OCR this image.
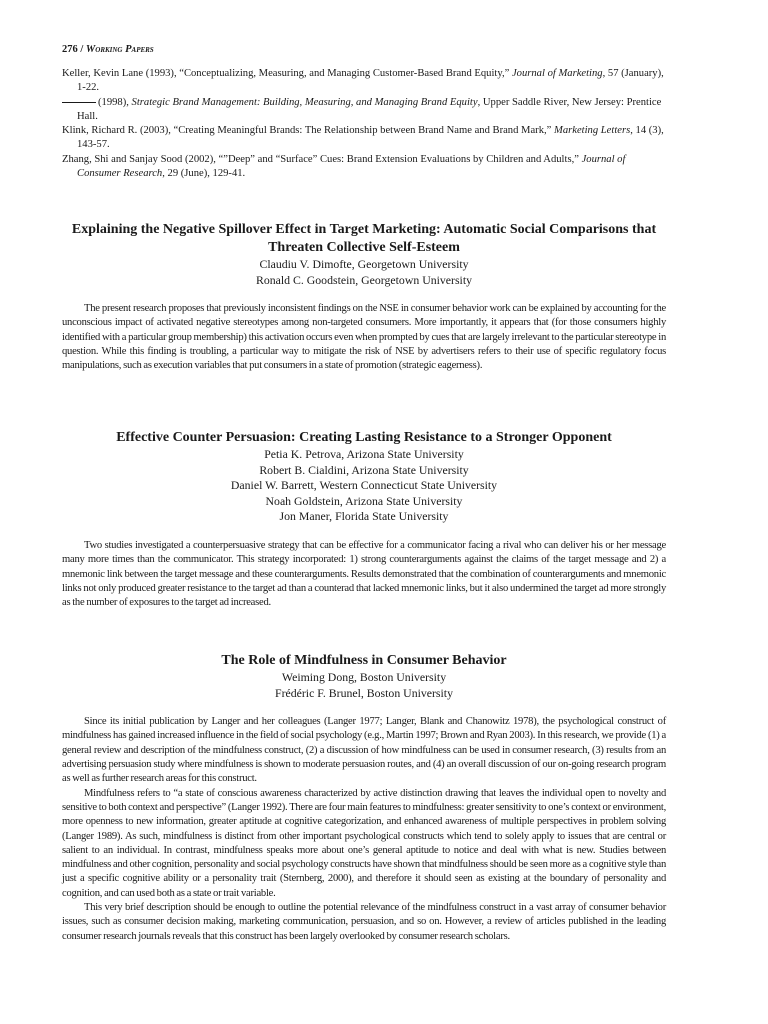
276 / Working Papers

Keller, Kevin Lane (1993), “Conceptualizing, Measuring, and Managing Customer-Based Brand Equity,” Journal of Marketing, 57 (January), 1-22.

(1998), Strategic Brand Management: Building, Measuring, and Managing Brand Equity, Upper Saddle River, New Jersey: Prentice Hall.

Klink, Richard R. (2003), “Creating Meaningful Brands: The Relationship between Brand Name and Brand Mark,” Marketing Letters, 14 (3), 143-57.

Zhang, Shi and Sanjay Sood (2002), “”Deep” and “Surface” Cues: Brand Extension Evaluations by Children and Adults,” Journal of Consumer Research, 29 (June), 129-41.

Explaining the Negative Spillover Effect in Target Marketing: Automatic Social Comparisons that Threaten Collective Self-Esteem

Claudiu V. Dimofte, Georgetown University

Ronald C. Goodstein, Georgetown University

The present research proposes that previously inconsistent findings on the NSE in consumer behavior work can be explained by accounting for the unconscious impact of activated negative stereotypes among non-targeted consumers. More importantly, it appears that (for those consumers highly identified with a particular group membership) this activation occurs even when prompted by cues that are largely irrelevant to the particular stereotype in question. While this finding is troubling, a particular way to mitigate the risk of NSE by advertisers refers to their use of specific regulatory focus manipulations, such as execution variables that put consumers in a state of promotion (strategic eagerness).

Effective Counter Persuasion: Creating Lasting Resistance to a Stronger Opponent

Petia K. Petrova, Arizona State University

Robert B. Cialdini, Arizona State University

Daniel W. Barrett, Western Connecticut State University

Noah Goldstein, Arizona State University

Jon Maner, Florida State University

Two studies investigated a counterpersuasive strategy that can be effective for a communicator facing a rival who can deliver his or her message many more times than the communicator. This strategy incorporated: 1) strong counterarguments against the claims of the target message and 2) a mnemonic link between the target message and these counterarguments. Results demonstrated that the combination of counterarguments and mnemonic links not only produced greater resistance to the target ad than a counterad that lacked mnemonic links, but it also undermined the target ad more strongly as the number of exposures to the target ad increased.

The Role of Mindfulness in Consumer Behavior

Weiming Dong, Boston University

Frédéric F. Brunel, Boston University

Since its initial publication by Langer and her colleagues (Langer 1977; Langer, Blank and Chanowitz 1978), the psychological construct of mindfulness has gained increased influence in the field of social psychology (e.g., Martin 1997; Brown and Ryan 2003). In this research, we provide (1) a general review and description of the mindfulness construct, (2) a discussion of how mindfulness can be used in consumer research, (3) results from an advertising persuasion study where mindfulness is shown to moderate persuasion routes, and (4) an overall discussion of our on-going research program as well as further research areas for this construct.

Mindfulness refers to “a state of conscious awareness characterized by active distinction drawing that leaves the individual open to novelty and sensitive to both context and perspective” (Langer 1992). There are four main features to mindfulness: greater sensitivity to one’s context or environment, more openness to new information, greater aptitude at cognitive categorization, and enhanced awareness of multiple perspectives in problem solving (Langer 1989). As such, mindfulness is distinct from other important psychological constructs which tend to solely apply to issues that are central or salient to an individual. In contrast, mindfulness speaks more about one’s general aptitude to notice and deal with what is new. Studies between mindfulness and other cognition, personality and social psychology constructs have shown that mindfulness should be seen more as a cognitive style than just a specific cognitive ability or a personality trait (Sternberg, 2000), and therefore it should seen as existing at the boundary of personality and cognition, and can used both as a state or trait variable.

This very brief description should be enough to outline the potential relevance of the mindfulness construct in a vast array of consumer behavior issues, such as consumer decision making, marketing communication, persuasion, and so on. However, a review of articles published in the leading consumer research journals reveals that this construct has been largely overlooked by consumer research scholars.
